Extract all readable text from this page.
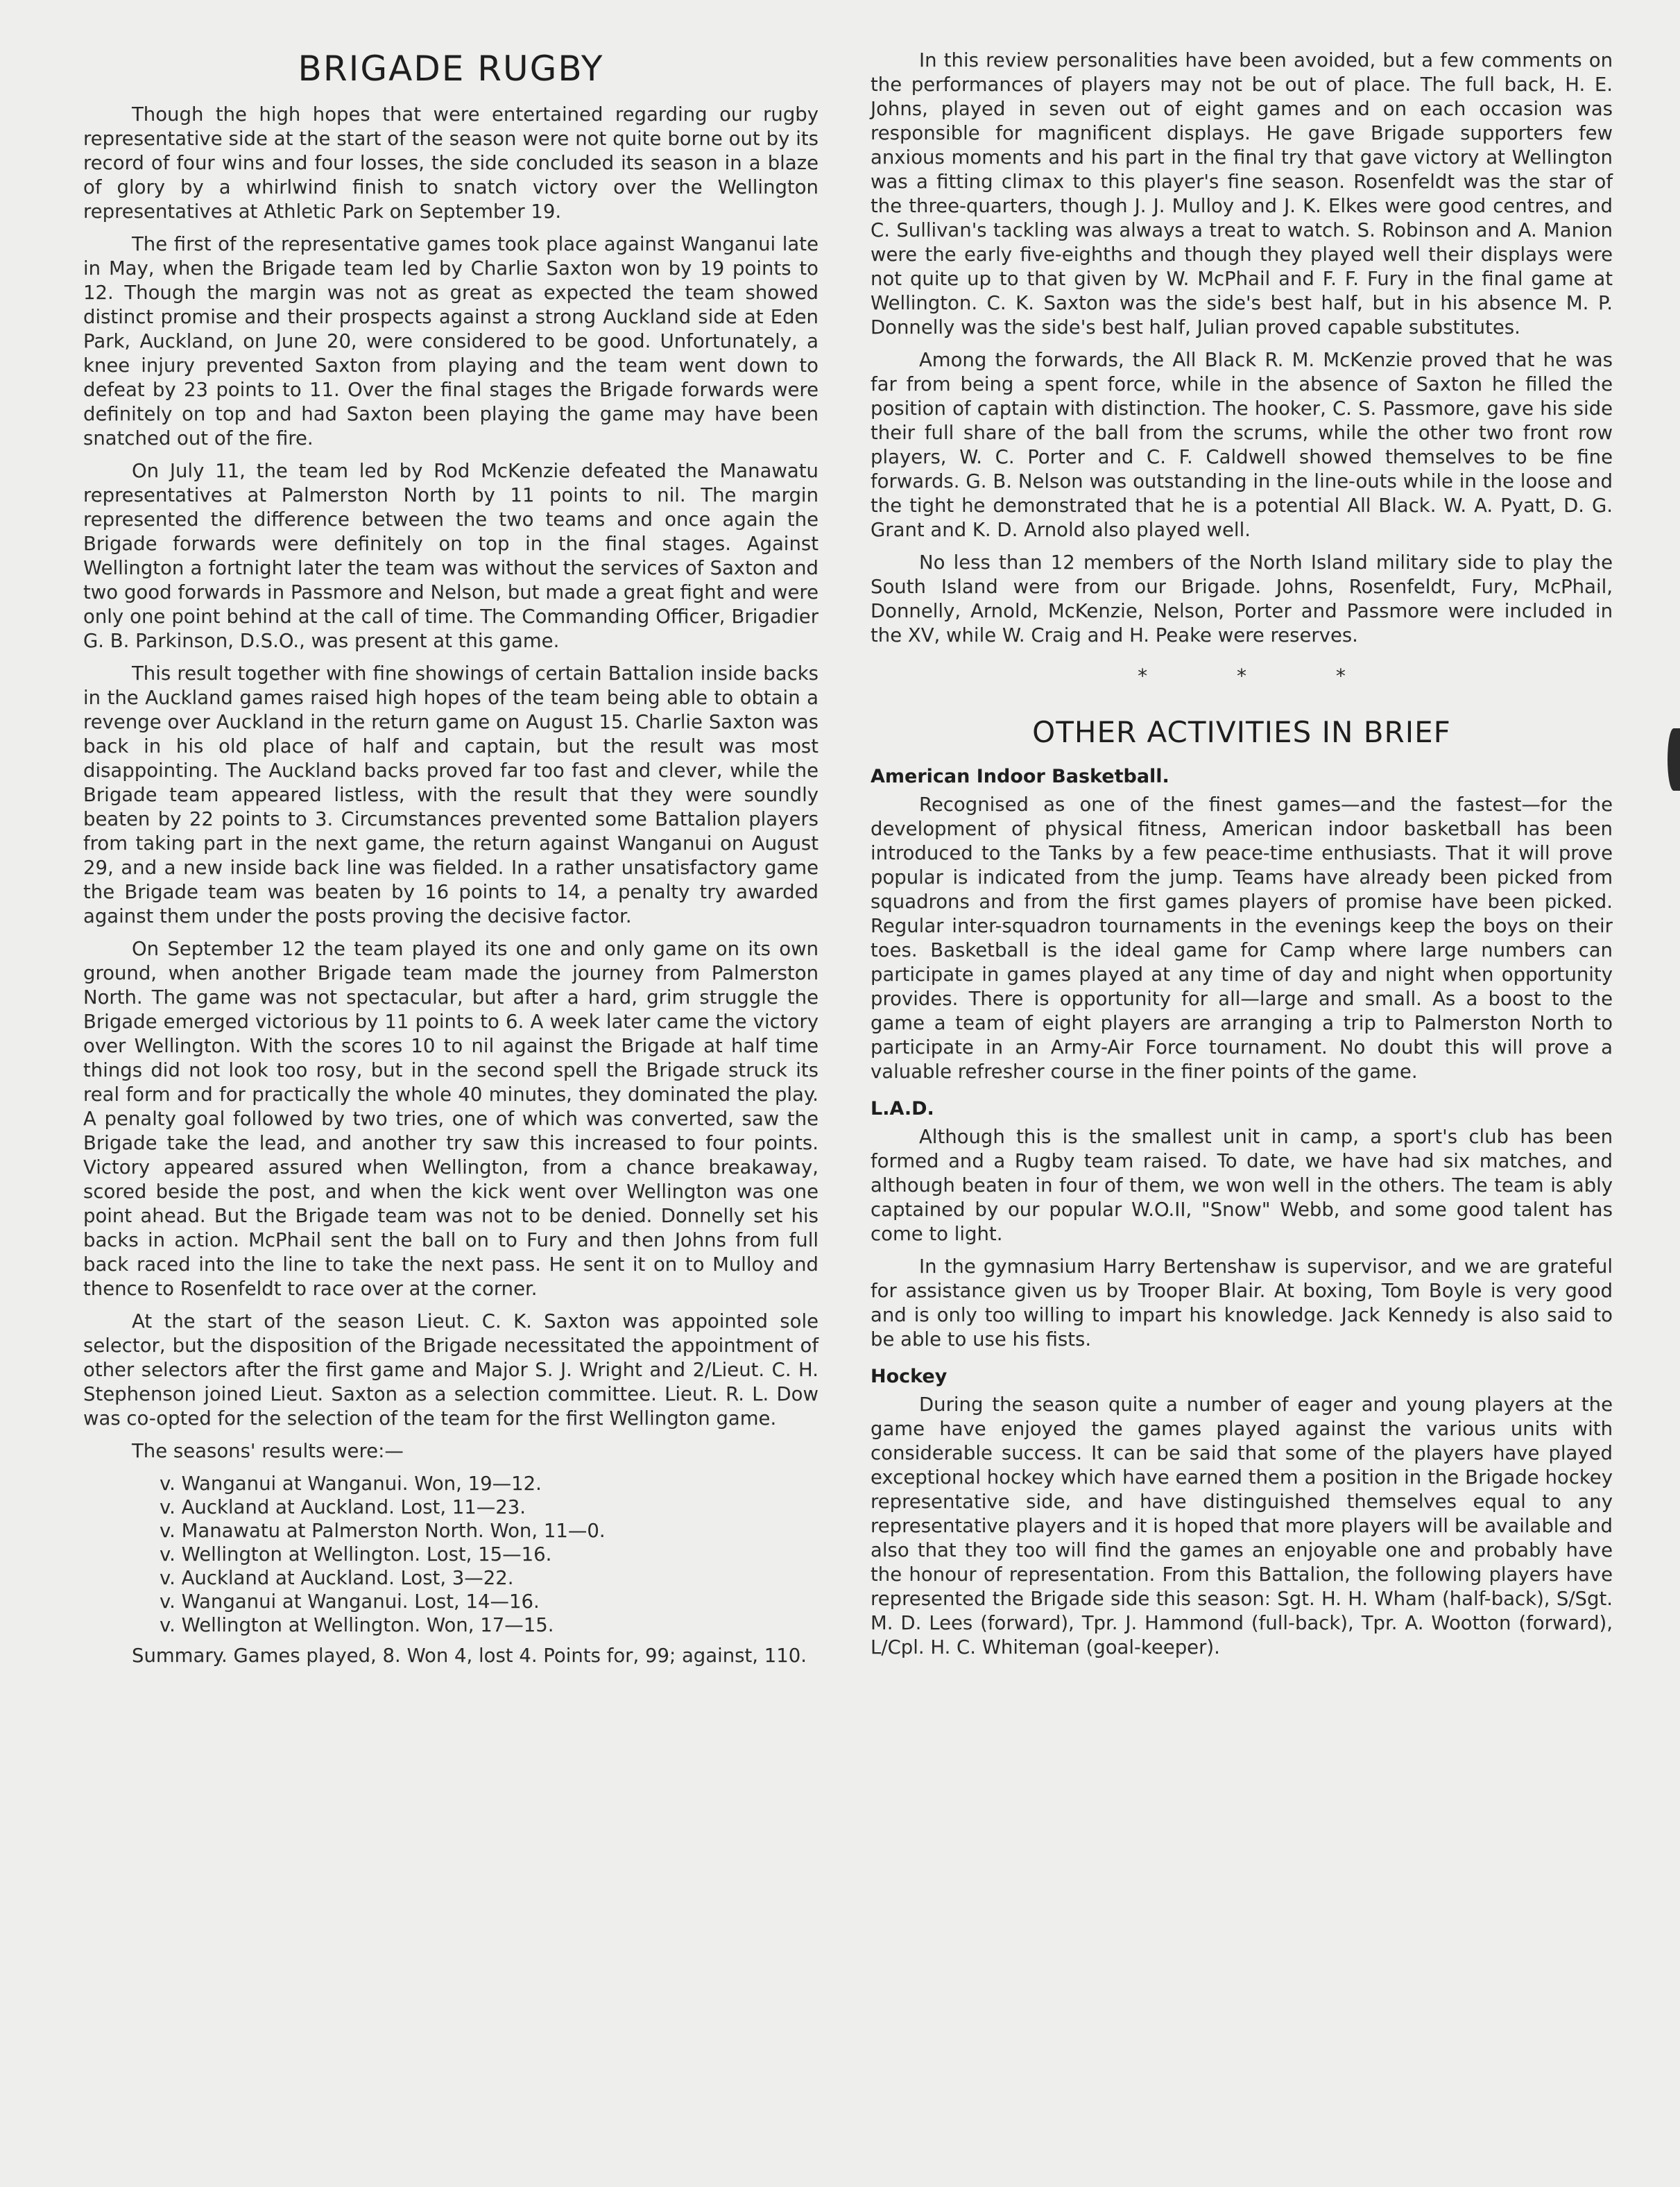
BRIGADE RUGBY

Though the high hopes that were entertained regarding our rugby representative side at the start of the season were not quite borne out by its record of four wins and four losses, the side concluded its season in a blaze of glory by a whirlwind finish to snatch victory over the Wellington representatives at Athletic Park on September 19.

The first of the representative games took place against Wanganui late in May, when the Brigade team led by Charlie Saxton won by 19 points to 12. Though the margin was not as great as expected the team showed distinct promise and their prospects against a strong Auckland side at Eden Park, Auckland, on June 20, were considered to be good. Unfortunately, a knee injury prevented Saxton from playing and the team went down to defeat by 23 points to 11. Over the final stages the Brigade forwards were definitely on top and had Saxton been playing the game may have been snatched out of the fire.

On July 11, the team led by Rod McKenzie defeated the Manawatu representatives at Palmerston North by 11 points to nil. The margin represented the difference between the two teams and once again the Brigade forwards were definitely on top in the final stages. Against Wellington a fortnight later the team was without the services of Saxton and two good forwards in Passmore and Nelson, but made a great fight and were only one point behind at the call of time. The Commanding Officer, Brigadier G. B. Parkinson, D.S.O., was present at this game.

This result together with fine showings of certain Battalion inside backs in the Auckland games raised high hopes of the team being able to obtain a revenge over Auckland in the return game on August 15. Charlie Saxton was back in his old place of half and captain, but the result was most disappointing. The Auckland backs proved far too fast and clever, while the Brigade team appeared listless, with the result that they were soundly beaten by 22 points to 3. Circumstances prevented some Battalion players from taking part in the next game, the return against Wanganui on August 29, and a new inside back line was fielded. In a rather unsatisfactory game the Brigade team was beaten by 16 points to 14, a penalty try awarded against them under the posts proving the decisive factor.

On September 12 the team played its one and only game on its own ground, when another Brigade team made the journey from Palmerston North. The game was not spectacular, but after a hard, grim struggle the Brigade emerged victorious by 11 points to 6. A week later came the victory over Wellington. With the scores 10 to nil against the Brigade at half time things did not look too rosy, but in the second spell the Brigade struck its real form and for practically the whole 40 minutes, they dominated the play. A penalty goal followed by two tries, one of which was converted, saw the Brigade take the lead, and another try saw this increased to four points. Victory appeared assured when Wellington, from a chance breakaway, scored beside the post, and when the kick went over Wellington was one point ahead. But the Brigade team was not to be denied. Donnelly set his backs in action. McPhail sent the ball on to Fury and then Johns from full back raced into the line to take the next pass. He sent it on to Mulloy and thence to Rosenfeldt to race over at the corner.

At the start of the season Lieut. C. K. Saxton was appointed sole selector, but the disposition of the Brigade necessitated the appointment of other selectors after the first game and Major S. J. Wright and 2/Lieut. C. H. Stephenson joined Lieut. Saxton as a selection committee. Lieut. R. L. Dow was co-opted for the selection of the team for the first Wellington game.

The seasons' results were:—

v. Wanganui at Wanganui. Won, 19—12.
v. Auckland at Auckland. Lost, 11—23.
v. Manawatu at Palmerston North. Won, 11—0.
v. Wellington at Wellington. Lost, 15—16.
v. Auckland at Auckland. Lost, 3—22.
v. Wanganui at Wanganui. Lost, 14—16.
v. Wellington at Wellington. Won, 17—15.

Summary. Games played, 8. Won 4, lost 4. Points for, 99; against, 110.

In this review personalities have been avoided, but a few comments on the performances of players may not be out of place. The full back, H. E. Johns, played in seven out of eight games and on each occasion was responsible for magnificent displays. He gave Brigade supporters few anxious moments and his part in the final try that gave victory at Wellington was a fitting climax to this player's fine season. Rosenfeldt was the star of the three-quarters, though J. J. Mulloy and J. K. Elkes were good centres, and C. Sullivan's tackling was always a treat to watch. S. Robinson and A. Manion were the early five-eighths and though they played well their displays were not quite up to that given by W. McPhail and F. F. Fury in the final game at Wellington. C. K. Saxton was the side's best half, but in his absence M. P. Donnelly was the side's best half, Julian proved capable substitutes.

Among the forwards, the All Black R. M. McKenzie proved that he was far from being a spent force, while in the absence of Saxton he filled the position of captain with distinction. The hooker, C. S. Passmore, gave his side their full share of the ball from the scrums, while the other two front row players, W. C. Porter and C. F. Caldwell showed themselves to be fine forwards. G. B. Nelson was outstanding in the line-outs while in the loose and the tight he demonstrated that he is a potential All Black. W. A. Pyatt, D. G. Grant and K. D. Arnold also played well.

No less than 12 members of the North Island military side to play the South Island were from our Brigade. Johns, Rosenfeldt, Fury, McPhail, Donnelly, Arnold, McKenzie, Nelson, Porter and Passmore were included in the XV, while W. Craig and H. Peake were reserves.

* * *
OTHER ACTIVITIES IN BRIEF
American Indoor Basketball.

Recognised as one of the finest games—and the fastest—for the development of physical fitness, American indoor basketball has been introduced to the Tanks by a few peace-time enthusiasts. That it will prove popular is indicated from the jump. Teams have already been picked from squadrons and from the first games players of promise have been picked. Regular inter-squadron tournaments in the evenings keep the boys on their toes. Basketball is the ideal game for Camp where large numbers can participate in games played at any time of day and night when opportunity provides. There is opportunity for all—large and small. As a boost to the game a team of eight players are arranging a trip to Palmerston North to participate in an Army-Air Force tournament. No doubt this will prove a valuable refresher course in the finer points of the game.

L.A.D.

Although this is the smallest unit in camp, a sport's club has been formed and a Rugby team raised. To date, we have had six matches, and although beaten in four of them, we won well in the others. The team is ably captained by our popular W.O.II, "Snow" Webb, and some good talent has come to light.

In the gymnasium Harry Bertenshaw is supervisor, and we are grateful for assistance given us by Trooper Blair. At boxing, Tom Boyle is very good and is only too willing to impart his knowledge. Jack Kennedy is also said to be able to use his fists.

Hockey

During the season quite a number of eager and young players at the game have enjoyed the games played against the various units with considerable success. It can be said that some of the players have played exceptional hockey which have earned them a position in the Brigade hockey representative side, and have distinguished themselves equal to any representative players and it is hoped that more players will be available and also that they too will find the games an enjoyable one and probably have the honour of representation. From this Battalion, the following players have represented the Brigade side this season: Sgt. H. H. Wham (half-back), S/Sgt. M. D. Lees (forward), Tpr. J. Hammond (full-back), Tpr. A. Wootton (forward), L/Cpl. H. C. Whiteman (goal-keeper).
